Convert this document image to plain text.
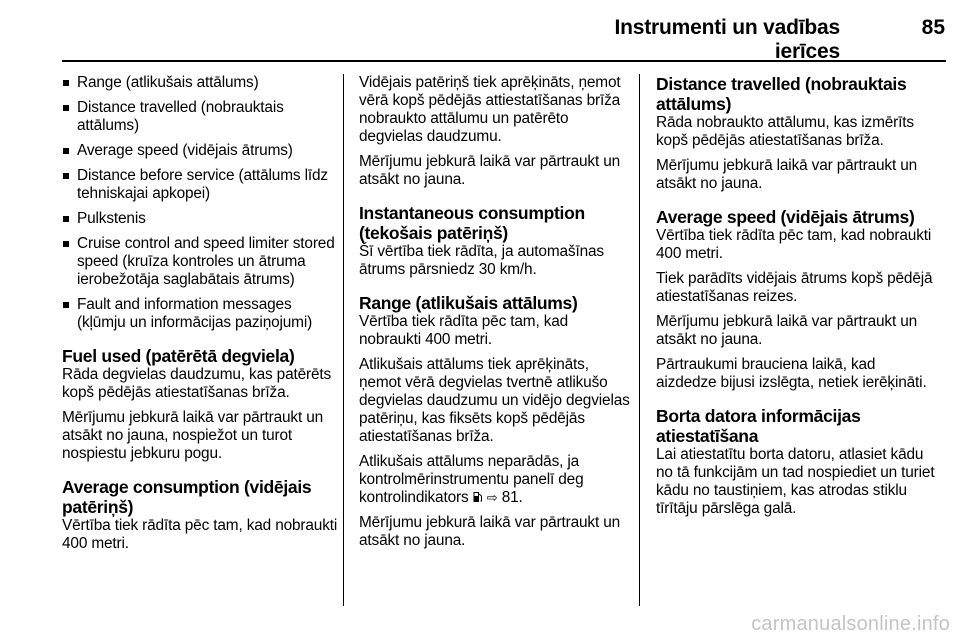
Instrumenti un vadības ierīces
85
Range (atlikušais attālums)
Distance travelled (nobrauktais attālums)
Average speed (vidējais ātrums)
Distance before service (attālums līdz tehniskajai apkopei)
Pulkstenis
Cruise control and speed limiter stored speed (kruīza kontroles un ātruma ierobežotāja saglabātais ātrums)
Fault and information messages (kļūmju un informācijas paziņojumi)
Fuel used (patērētā degviela)

Rāda degvielas daudzumu, kas patērēts kopš pēdējās atiestatīšanas brīža.

Mērījumu jebkurā laikā var pārtraukt un atsākt no jauna, nospiežot un turot nospiestu jebkuru pogu.

Average consumption (vidējais patēriņš)

Vērtība tiek rādīta pēc tam, kad nobraukti 400 metri.

Vidējais patēriņš tiek aprēķināts, ņemot vērā kopš pēdējās attiestatīšanas brīža nobraukto attālumu un patērēto degvielas daudzumu.

Mērījumu jebkurā laikā var pārtraukt un atsākt no jauna.

Instantaneous consumption (tekošais patēriņš)

Šī vērtība tiek rādīta, ja automašīnas ātrums pārsniedz 30 km/h.

Range (atlikušais attālums)

Vērtība tiek rādīta pēc tam, kad nobraukti 400 metri.

Atlikušais attālums tiek aprēķināts, ņemot vērā degvielas tvertnē atlikušo degvielas daudzumu un vidējo degvielas patēriņu, kas fiksēts kopš pēdējās atiestatīšanas brīža.

Atlikušais attālums neparādās, ja kontrolmērinstrumentu panelī deg kontrolindikators ⇨ 81.

Mērījumu jebkurā laikā var pārtraukt un atsākt no jauna.

Distance travelled (nobrauktais attālums)

Rāda nobraukto attālumu, kas izmērīts kopš pēdējās atiestatīšanas brīža.

Mērījumu jebkurā laikā var pārtraukt un atsākt no jauna.

Average speed (vidējais ātrums)

Vērtība tiek rādīta pēc tam, kad nobraukti 400 metri.

Tiek parādīts vidējais ātrums kopš pēdējā atiestatīšanas reizes.

Mērījumu jebkurā laikā var pārtraukt un atsākt no jauna.

Pārtraukumi brauciena laikā, kad aizdedze bijusi izslēgta, netiek ierēķināti.

Borta datora informācijas atiestatīšana

Lai atiestatītu borta datoru, atlasiet kādu no tā funkcijām un tad nospiediet un turiet kādu no taustiņiem, kas atrodas stiklu tīrītāju pārslēga galā.

carmanualsonline.info
